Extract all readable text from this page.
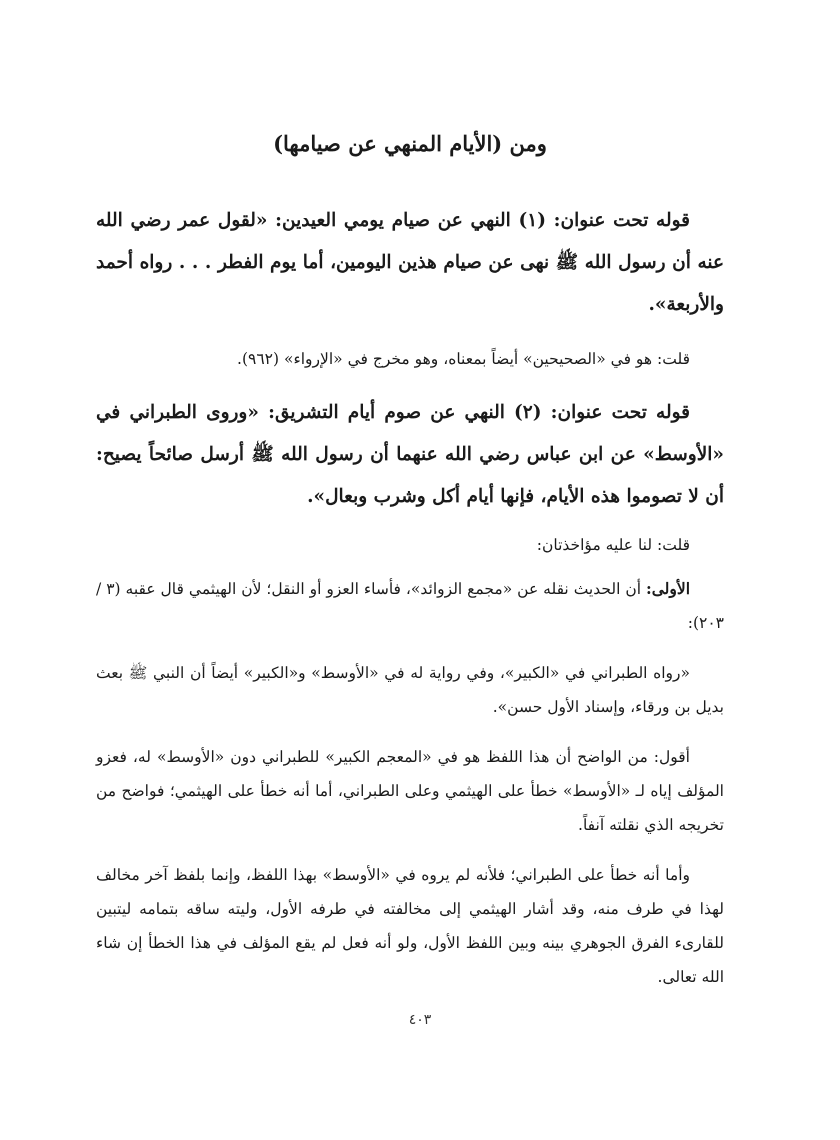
ومن (الأيام المنهي عن صيامها)

قوله تحت عنوان: (١) النهي عن صيام يومي العيدين: «لقول عمر رضي الله عنه أن رسول الله ﷺ نهى عن صيام هذين اليومين، أما يوم الفطر . . . رواه أحمد والأربعة».

قلت: هو في «الصحيحين» أيضاً بمعناه، وهو مخرج في «الإرواء» (٩٦٢).

قوله تحت عنوان: (٢) النهي عن صوم أيام التشريق: «وروى الطبراني في «الأوسط» عن ابن عباس رضي الله عنهما أن رسول الله ﷺ أرسل صائحاً يصيح: أن لا تصوموا هذه الأيام، فإنها أيام أكل وشرب وبعال».

قلت: لنا عليه مؤاخذتان:

الأولى: أن الحديث نقله عن «مجمع الزوائد»، فأساء العزو أو النقل؛ لأن الهيثمي قال عقبه (٣ / ٢٠٣):

«رواه الطبراني في «الكبير»، وفي رواية له في «الأوسط» و«الكبير» أيضاً أن النبي ﷺ بعث بديل بن ورقاء، وإسناد الأول حسن».

أقول: من الواضح أن هذا اللفظ هو في «المعجم الكبير» للطبراني دون «الأوسط» له، فعزو المؤلف إياه لـ «الأوسط» خطأ على الهيثمي وعلى الطبراني، أما أنه خطأ على الهيثمي؛ فواضح من تخريجه الذي نقلته آنفاً.

وأما أنه خطأ على الطبراني؛ فلأنه لم يروه في «الأوسط» بهذا اللفظ، وإنما بلفظ آخر مخالف لهذا في طرف منه، وقد أشار الهيثمي إلى مخالفته في طرفه الأول، وليته ساقه بتمامه ليتبين للقارىء الفرق الجوهري بينه وبين اللفظ الأول، ولو أنه فعل لم يقع المؤلف في هذا الخطأ إن شاء الله تعالى.

٤٠٣
